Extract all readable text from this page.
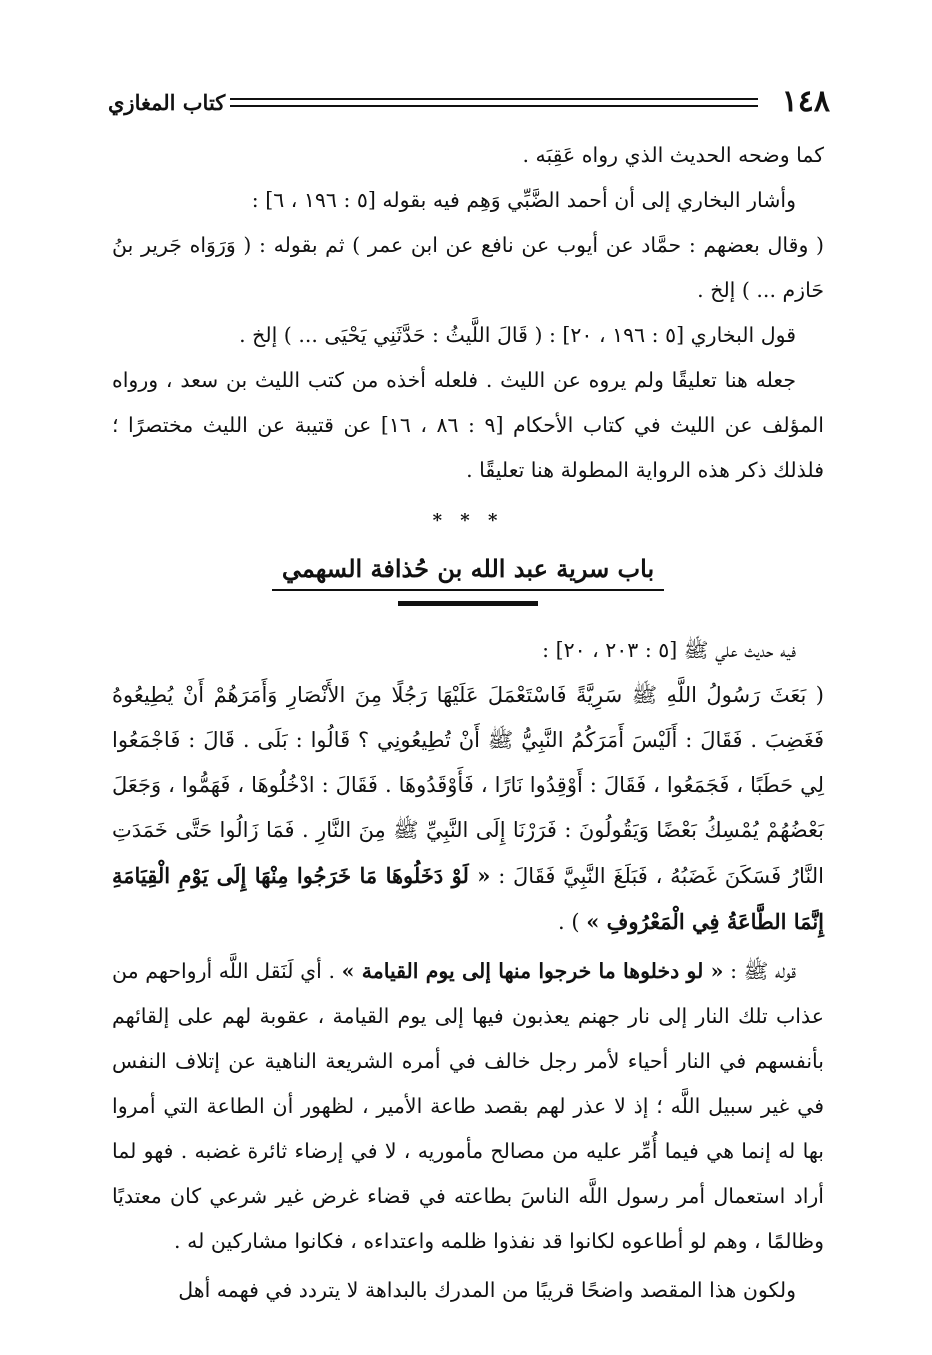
١٤٨
كتاب المغازي

كما وضحه الحديث الذي رواه عَقِبَه .

وأشار البخاري إلى أن أحمد الضَّبِّي وَهِم فيه بقوله [٥ : ١٩٦ ، ٦] :

( وقال بعضهم : حمَّاد عن أيوب عن نافع عن ابن عمر ) ثم بقوله : ( وَرَوَاه جَرير بنُ حَازم ... ) إلخ .

قول البخاري [٥ : ١٩٦ ، ٢٠] : ( قَالَ اللَّيثُ : حَدَّثَنِي يَحْيَى ... ) إلخ .

جعله هنا تعليقًا ولم يروه عن الليث . فلعله أخذه من كتب الليث بن سعد ، ورواه المؤلف عن الليث في كتاب الأحكام [٩ : ٨٦ ، ١٦] عن قتيبة عن الليث مختصرًا ؛ فلذلك ذكر هذه الرواية المطولة هنا تعليقًا .

* * *

باب سرية عبد الله بن حُذافة السهمي

فيه حديث علي ﷺ [٥ : ٢٠٣ ، ٢٠] :

( بَعَثَ رَسُولُ اللَّهِ ﷺ سَرِيَّةً فَاسْتَعْمَلَ عَلَيْهَا رَجُلًا مِنَ الأَنْصَارِ وَأَمَرَهُمْ أَنْ يُطِيعُوهُ فَغَضِبَ . فَقَالَ : أَلَيْسَ أَمَرَكُمُ النَّبِيُّ ﷺ أَنْ تُطِيعُونِي ؟ قَالُوا : بَلَى . قَالَ : فَاجْمَعُوا لِي حَطَبًا ، فَجَمَعُوا ، فَقَالَ : أَوْقِدُوا نَارًا ، فَأَوْقَدُوهَا . فَقَالَ : ادْخُلُوهَا ، فَهَمُّوا ، وَجَعَلَ بَعْضُهُمْ يُمْسِكُ بَعْضًا وَيَقُولُونَ : فَرَرْنَا إِلَى النَّبِيِّ ﷺ مِنَ النَّارِ . فَمَا زَالُوا حَتَّى خَمَدَتِ النَّارُ فَسَكَنَ غَضَبُهُ ، فَبَلَغَ النَّبِيَّ فَقَالَ : « لَوْ دَخَلُوهَا مَا خَرَجُوا مِنْهَا إِلَى يَوْمِ الْقِيَامَةِ إِنَّمَا الطَّاعَةُ فِي الْمَعْرُوفِ » ) .

قوله ﷺ : « لو دخلوها ما خرجوا منها إلى يوم القيامة » . أي لَنَقل اللَّه أرواحهم من عذاب تلك النار إلى نار جهنم يعذبون فيها إلى يوم القيامة ، عقوبة لهم على إلقائهم بأنفسهم في النار أحياء لأمر رجل خالف في أمره الشريعة الناهية عن إتلاف النفس في غير سبيل اللَّه ؛ إذ لا عذر لهم بقصد طاعة الأمير ، لظهور أن الطاعة التي أمروا بها له إنما هي فيما أُمِّر عليه من مصالح مأموريه ، لا في إرضاء ثائرة غضبه . فهو لما أراد استعمال أمر رسول اللَّه الناسَ بطاعته في قضاء غرض غير شرعي كان معتديًا وظالمًا ، وهم لو أطاعوه لكانوا قد نفذوا ظلمه واعتداءه ، فكانوا مشاركين له .

ولكون هذا المقصد واضحًا قريبًا من المدرك بالبداهة لا يتردد في فهمه أهل
